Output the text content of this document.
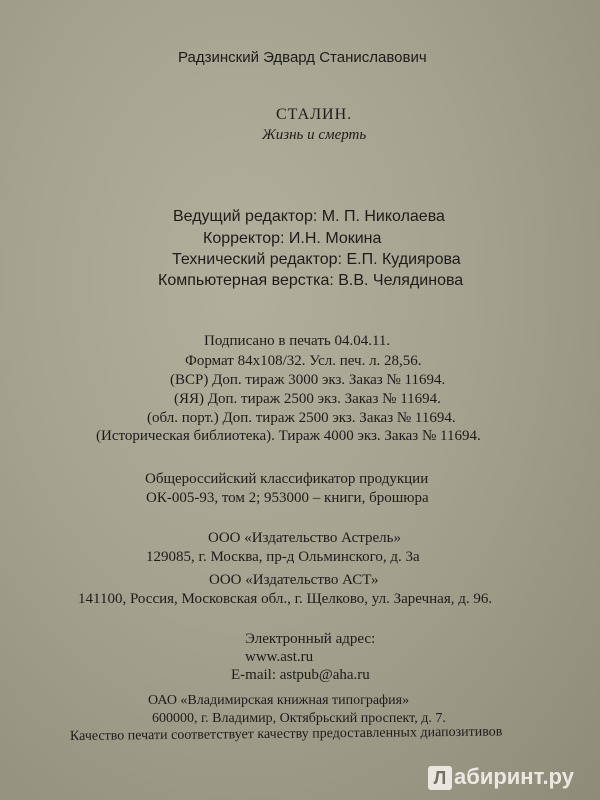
Радзинский Эдвард Станиславович
СТАЛИН.
Жизнь и смерть
Ведущий редактор: М. П. Николаева
Корректор: И.Н. Мокина
Технический редактор: Е.П. Кудиярова
Компьютерная верстка: В.В. Челядинова
Подписано в печать 04.04.11.
Формат 84x108/32. Усл. печ. л. 28,56.
(ВСР) Доп. тираж 3000 экз. Заказ № 11694.
(ЯЯ) Доп. тираж 2500 экз. Заказ № 11694.
(обл. порт.) Доп. тираж 2500 экз. Заказ № 11694.
(Историческая библиотека). Тираж 4000 экз. Заказ № 11694.
Общероссийский классификатор продукции
ОК-005-93, том 2; 953000 – книги, брошюра
ООО «Издательство Астрель»
129085, г. Москва, пр-д Ольминского, д. 3а
ООО «Издательство АСТ»
141100, Россия, Московская обл., г. Щелково, ул. Заречная, д. 96.
Электронный адрес:
www.ast.ru
E-mail: astpub@aha.ru
ОАО «Владимирская книжная типография»
600000, г. Владимир, Октябрьский проспект, д. 7.
Качество печати соответствует качеству предоставленных диапозитивов
Л абиринт.ру
